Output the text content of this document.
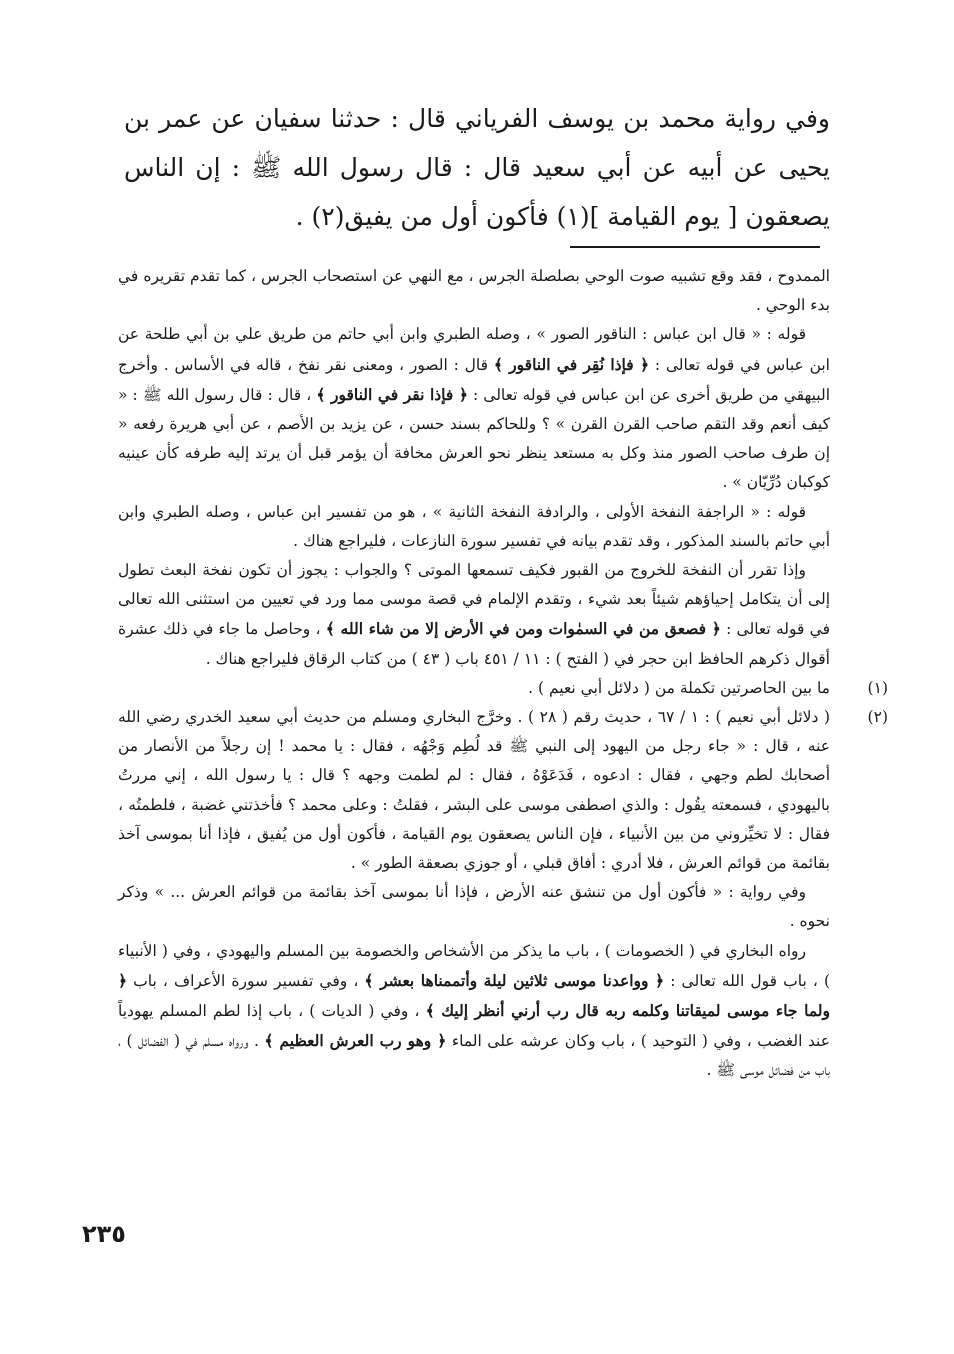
وفي رواية محمد بن يوسف الفرياني قال : حدثنا سفيان عن عمر بن يحيى عن أبيه عن أبي سعيد قال : قال رسول الله ﷺ : إن الناس يصعقون [ يوم القيامة ](١) فأكون أول من يفيق(٢) .

الممدوح ، فقد وقع تشبيه صوت الوحي بصلصلة الجرس ، مع النهي عن استصحاب الجرس ، كما تقدم تقريره في بدء الوحي .

قوله : « قال ابن عباس : الناقور الصور » ، وصله الطبري وابن أبي حاتم من طريق علي بن أبي طلحة عن ابن عباس في قوله تعالى : ﴿ فإذا نُقِر في الناقور ﴾ قال : الصور ، ومعنى نقر نفخ ، قاله في الأساس . وأخرج البيهقي من طريق أخرى عن ابن عباس في قوله تعالى : ﴿ فإذا نقر في الناقور ﴾ ، قال : قال رسول الله ﷺ : « كيف أنعم وقد التقم صاحب القرن القرن » ؟ وللحاكم بسند حسن ، عن يزيد بن الأصم ، عن أبي هريرة رفعه « إن طرف صاحب الصور منذ وكل به مستعد ينظر نحو العرش مخافة أن يؤمر قبل أن يرتد إليه طرفه كأن عينيه كوكبان دُرِّيّان » .

قوله : « الراجفة النفخة الأولى ، والرادفة النفخة الثانية » ، هو من تفسير ابن عباس ، وصله الطبري وابن أبي حاتم بالسند المذكور ، وقد تقدم بيانه في تفسير سورة النازعات ، فليراجع هناك .

وإذا تقرر أن النفخة للخروج من القبور فكيف تسمعها الموتى ؟ والجواب : يجوز أن تكون نفخة البعث تطول إلى أن يتكامل إحياؤهم شيئاً بعد شيء ، وتقدم الإلمام في قصة موسى مما ورد في تعيين من استثنى الله تعالى في قوله تعالى : ﴿ فصعق من في السمٰوات ومن في الأرض إلا من شاء الله ﴾ ، وحاصل ما جاء في ذلك عشرة أقوال ذكرهم الحافظ ابن حجر في ( الفتح ) : ١١ / ٤٥١ باب ( ٤٣ ) من كتاب الرقاق فليراجع هناك .

(١)

ما بين الحاصرتين تكملة من ( دلائل أبي نعيم ) .

(٢)

( دلائل أبي نعيم ) : ١ / ٦٧ ، حديث رقم ( ٢٨ ) . وخرَّج البخاري ومسلم من حديث أبي سعيد الخدري رضي الله عنه ، قال : « جاء رجل من اليهود إلى النبي ﷺ قد لُطِم وَجْهُه ، فقال : يا محمد ! إن رجلاً من الأنصار من أصحابك لطم وجهي ، فقال : ادعوه ، فَدَعَوْهُ ، فقال : لم لطمت وجهه ؟ قال : يا رسول الله ، إني مررتُ باليهودي ، فسمعته يقُول : والذي اصطفى موسى على البشر ، فقلتُ : وعلى محمد ؟ فأخذتني غضبة ، فلطمتُه ، فقال : لا تخيِّروني من بين الأنبياء ، فإن الناس يصعقون يوم القيامة ، فأكون أول من يُفيق ، فإذا أنا بموسى آخذ بقائمة من قوائم العرش ، فلا أدري : أفاق قبلي ، أو جوزي بصعقة الطور » .

وفي رواية : « فأكون أول من تنشق عنه الأرض ، فإذا أنا بموسى آخذ بقائمة من قوائم العرش ... » وذكر نحوه .

رواه البخاري في ( الخصومات ) ، باب ما يذكر من الأشخاص والخصومة بين المسلم واليهودي ، وفي ( الأنبياء ) ، باب قول الله تعالى : ﴿ وواعدنا موسى ثلاثين ليلة وأتممناها بعشر ﴾ ، وفي تفسير سورة الأعراف ، باب ﴿ ولما جاء موسى لميقاتنا وكلمه ربه قال رب أرني أنظر إليك ﴾ ، وفي ( الديات ) ، باب إذا لطم المسلم يهودياً عند الغضب ، وفي ( التوحيد ) ، باب وكان عرشه على الماء ﴿ وهو رب العرش العظيم ﴾ . ورواه مسلم في ( الفضائل ) ، باب من فضائل موسى ﷺ .

٢٣٥
